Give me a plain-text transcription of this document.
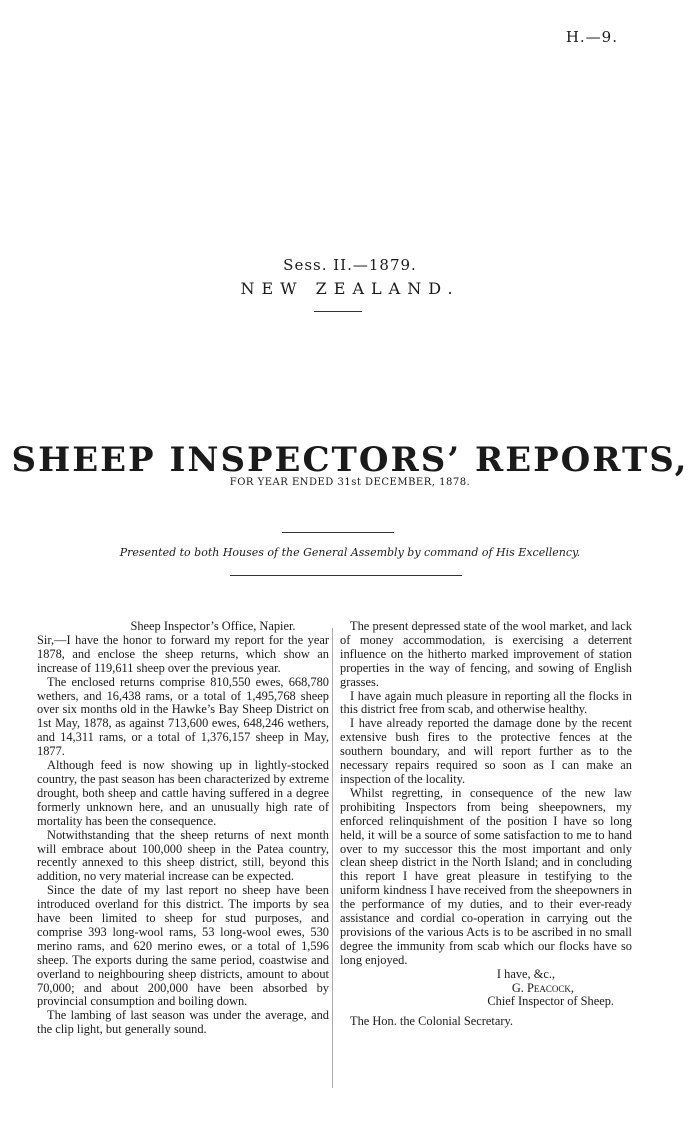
H.—9.
Sess. II.—1879.
NEW ZEALAND.
SHEEP INSPECTORS’ REPORTS,
FOR YEAR ENDED 31st DECEMBER, 1878.
Presented to both Houses of the General Assembly by command of His Excellency.

Sheep Inspector’s Office, Napier.

Sir,—I have the honor to forward my report for the year 1878, and enclose the sheep returns, which show an increase of 119,611 sheep over the previous year.

The enclosed returns comprise 810,550 ewes, 668,780 wethers, and 16,438 rams, or a total of 1,495,768 sheep over six months old in the Hawke’s Bay Sheep District on 1st May, 1878, as against 713,600 ewes, 648,246 wethers, and 14,311 rams, or a total of 1,376,157 sheep in May, 1877.

Although feed is now showing up in lightly-stocked country, the past season has been characterized by extreme drought, both sheep and cattle having suffered in a degree formerly unknown here, and an unusually high rate of mortality has been the consequence.

Notwithstanding that the sheep returns of next month will embrace about 100,000 sheep in the Patea country, recently annexed to this sheep district, still, beyond this addition, no very material increase can be expected.

Since the date of my last report no sheep have been introduced overland for this district. The imports by sea have been limited to sheep for stud purposes, and comprise 393 long-wool rams, 53 long-wool ewes, 530 merino rams, and 620 merino ewes, or a total of 1,596 sheep. The exports during the same period, coastwise and overland to neighbouring sheep districts, amount to about 70,000; and about 200,000 have been absorbed by provincial consumption and boiling down.

The lambing of last season was under the average, and the clip light, but generally sound.

The present depressed state of the wool market, and lack of money accommodation, is exercising a deterrent influence on the hitherto marked improvement of station properties in the way of fencing, and sowing of English grasses.

I have again much pleasure in reporting all the flocks in this district free from scab, and otherwise healthy.

I have already reported the damage done by the recent extensive bush fires to the protective fences at the southern boundary, and will report further as to the necessary repairs required so soon as I can make an inspection of the locality.

Whilst regretting, in consequence of the new law prohibiting Inspectors from being sheepowners, my enforced relinquishment of the position I have so long held, it will be a source of some satisfaction to me to hand over to my successor this the most important and only clean sheep district in the North Island; and in concluding this report I have great pleasure in testifying to the uniform kindness I have received from the sheepowners in the performance of my duties, and to their ever-ready assistance and cordial co-operation in carrying out the provisions of the various Acts is to be ascribed in no small degree the immunity from scab which our flocks have so long enjoyed.

I have, &c.,

G. Peacock,

Chief Inspector of Sheep.

The Hon. the Colonial Secretary.
